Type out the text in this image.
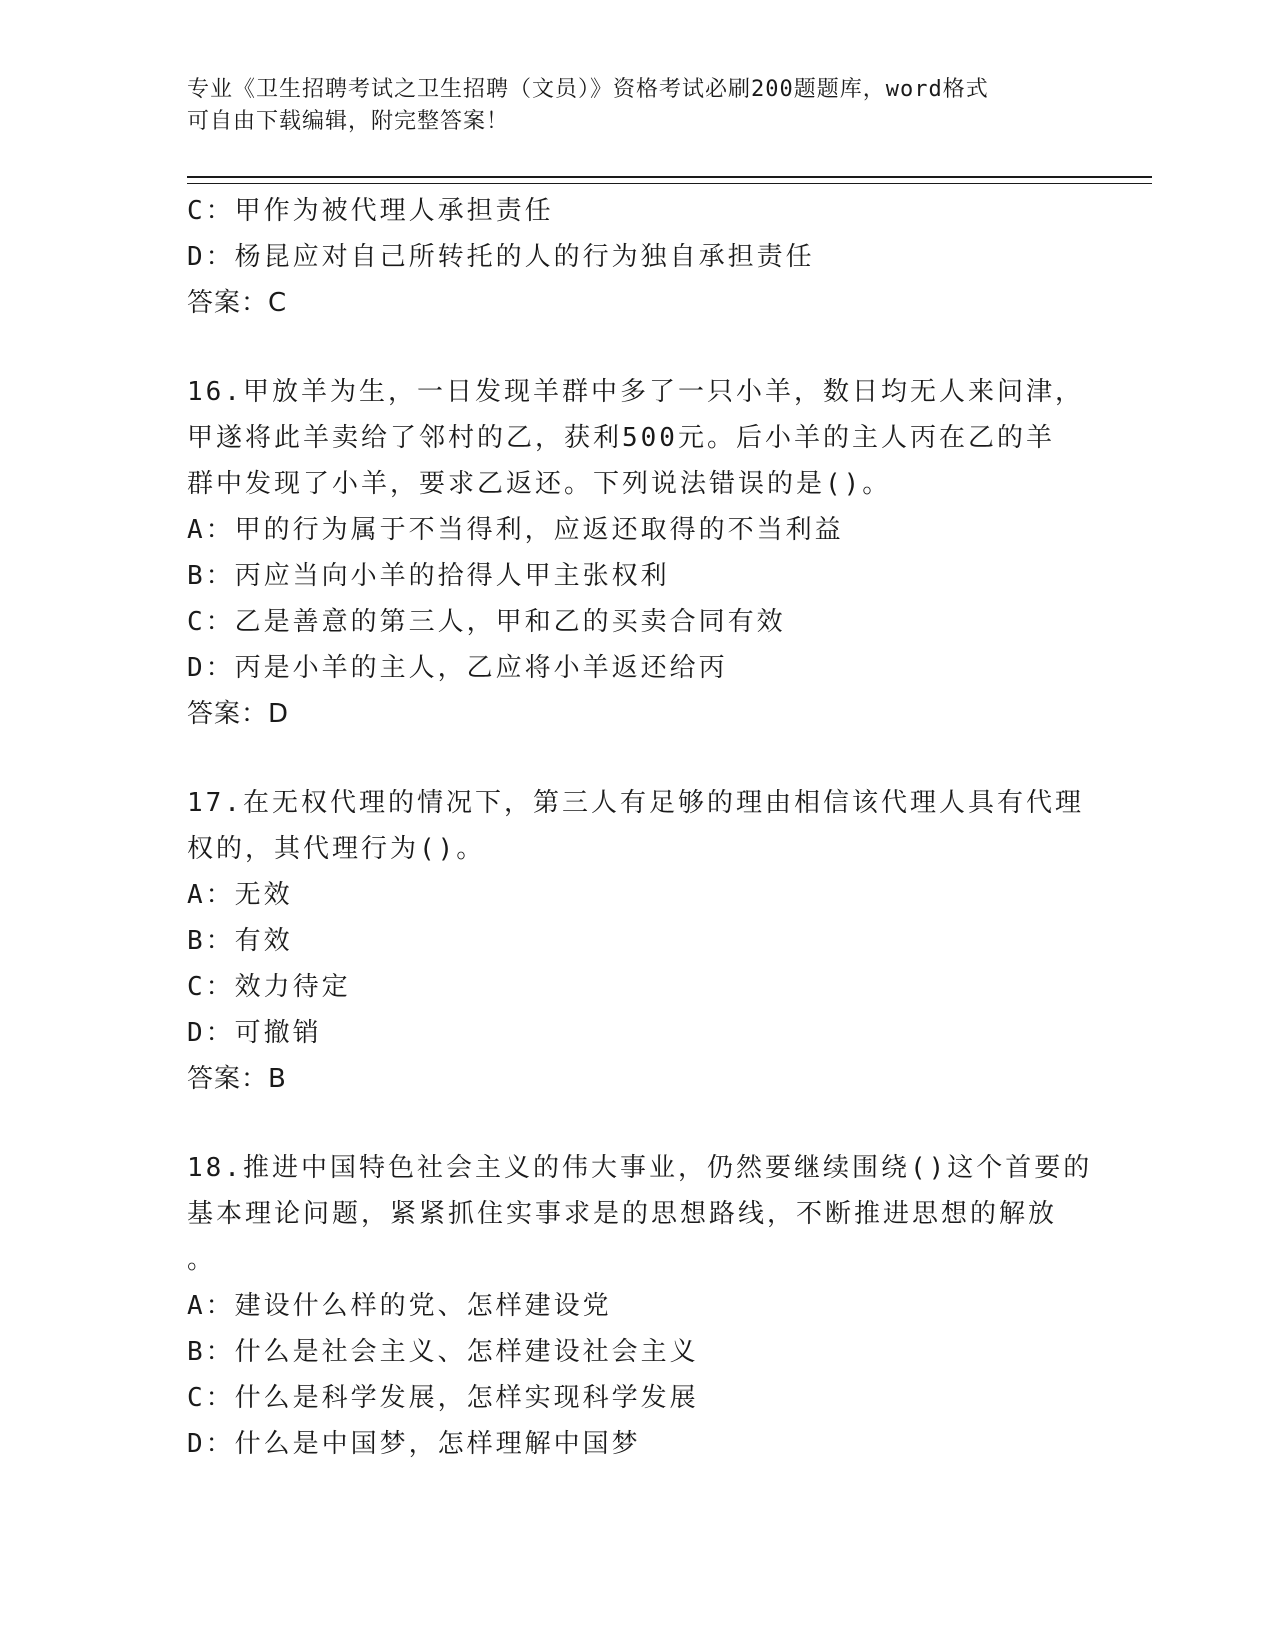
专业《卫生招聘考试之卫生招聘（文员）》资格考试必刷200题题库，word格式
可自由下载编辑，附完整答案！
C：甲作为被代理人承担责任
D：杨昆应对自己所转托的人的行为独自承担责任
答案：C
16.甲放羊为生，一日发现羊群中多了一只小羊，数日均无人来问津，
甲遂将此羊卖给了邻村的乙，获利500元。后小羊的主人丙在乙的羊
群中发现了小羊，要求乙返还。下列说法错误的是()。
A：甲的行为属于不当得利，应返还取得的不当利益
B：丙应当向小羊的拾得人甲主张权利
C：乙是善意的第三人，甲和乙的买卖合同有效
D：丙是小羊的主人，乙应将小羊返还给丙
答案：D
17.在无权代理的情况下，第三人有足够的理由相信该代理人具有代理
权的，其代理行为()。
A：无效
B：有效
C：效力待定
D：可撤销
答案：B
18.推进中国特色社会主义的伟大事业，仍然要继续围绕()这个首要的
基本理论问题，紧紧抓住实事求是的思想路线，不断推进思想的解放
。
A：建设什么样的党、怎样建设党
B：什么是社会主义、怎样建设社会主义
C：什么是科学发展，怎样实现科学发展
D：什么是中国梦，怎样理解中国梦
